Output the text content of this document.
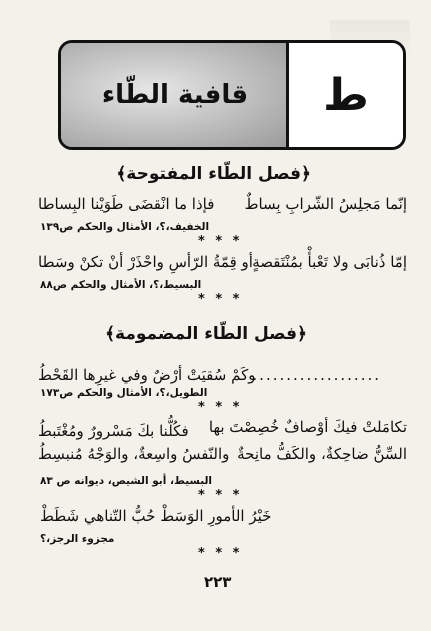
قافية الطّاء ط
﴿فصل الطّاء المفتوحة﴾
إنّما مَجلِسُ الشّرابِ بِساطٌ
فإذا ما انْقضَى طَوَيْنا البِساطا
الخفيف،؟، الأمثال والحكم ص١٣٩
* * *
إمّا ذُنابَى ولا تَعْبأْ بمُنْتَقصةٍ
أو قِمّةُ الرّأسِ واحْذَرْ أنْ تكنْ وسَطا
البسيط،؟، الأمثال والحكم ص٨٨
* * *
﴿فصل الطّاء المضمومة﴾
وكَمْ سُقيَتْ أرْضٌ وفي غيرِها القَحْطُ
...................
الطويل،؟، الأمثال والحكم ص١٧٣
* * *
تكامَلتْ فيكَ أوْصافٌ خُصِصْتَ بها
فكُلُّنا بكَ مَسْرورٌ ومُغْتَبطُ
السِّنُّ ضاحِكةٌ، والكَفُّ مانِحةٌ
والنّفسُ واسِعةٌ، والوَجْهُ مُنبسِطُ
البسيط، أبو الشيص، ديوانه ص ٨٣
* * *
خَيْرُ الأمورِ الوَسَطْ حُبُّ التّناهي شَطَطْ
مجزوء الرجز،؟
* * *
٢٢٣
